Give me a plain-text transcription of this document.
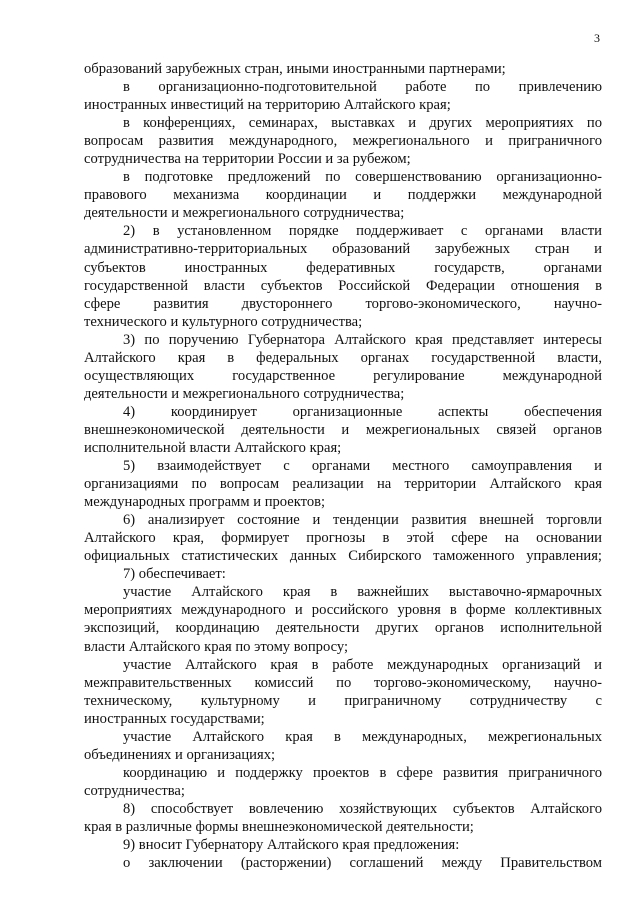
3
образований зарубежных стран, иными иностранными партнерами;
в организационно-подготовительной работе по привлечению
иностранных инвестиций на территорию Алтайского края;
в конференциях, семинарах, выставках и других мероприятиях по
вопросам развития международного, межрегионального и приграничного
сотрудничества на территории России и за рубежом;
в подготовке предложений по совершенствованию организационно-
правового механизма координации и поддержки международной
деятельности и межрегионального сотрудничества;
2) в установленном порядке поддерживает с органами власти
административно-территориальных образований зарубежных стран и
субъектов иностранных федеративных государств, органами
государственной власти субъектов Российской Федерации отношения в
сфере развития двустороннего торгово-экономического, научно-
технического и культурного сотрудничества;
3) по поручению Губернатора Алтайского края представляет интересы
Алтайского края в федеральных органах государственной власти,
осуществляющих государственное регулирование международной
деятельности и межрегионального сотрудничества;
4) координирует организационные аспекты обеспечения
внешнеэкономической деятельности и межрегиональных связей органов
исполнительной власти Алтайского края;
5) взаимодействует с органами местного самоуправления и
организациями по вопросам реализации на территории Алтайского края
международных программ и проектов;
6) анализирует состояние и тенденции развития внешней торговли
Алтайского края, формирует прогнозы в этой сфере на основании
официальных статистических данных Сибирского таможенного управления;
7) обеспечивает:
участие Алтайского края в важнейших выставочно-ярмарочных
мероприятиях международного и российского уровня в форме коллективных
экспозиций, координацию деятельности других органов исполнительной
власти Алтайского края по этому вопросу;
участие Алтайского края в работе международных организаций и
межправительственных комиссий по торгово-экономическому, научно-
техническому, культурному и приграничному сотрудничеству с
иностранных государствами;
участие Алтайского края в международных, межрегиональных
объединениях и организациях;
координацию и поддержку проектов в сфере развития приграничного
сотрудничества;
8) способствует вовлечению хозяйствующих субъектов Алтайского
края в различные формы внешнеэкономической деятельности;
9) вносит Губернатору Алтайского края предложения:
о заключении (расторжении) соглашений между Правительством
